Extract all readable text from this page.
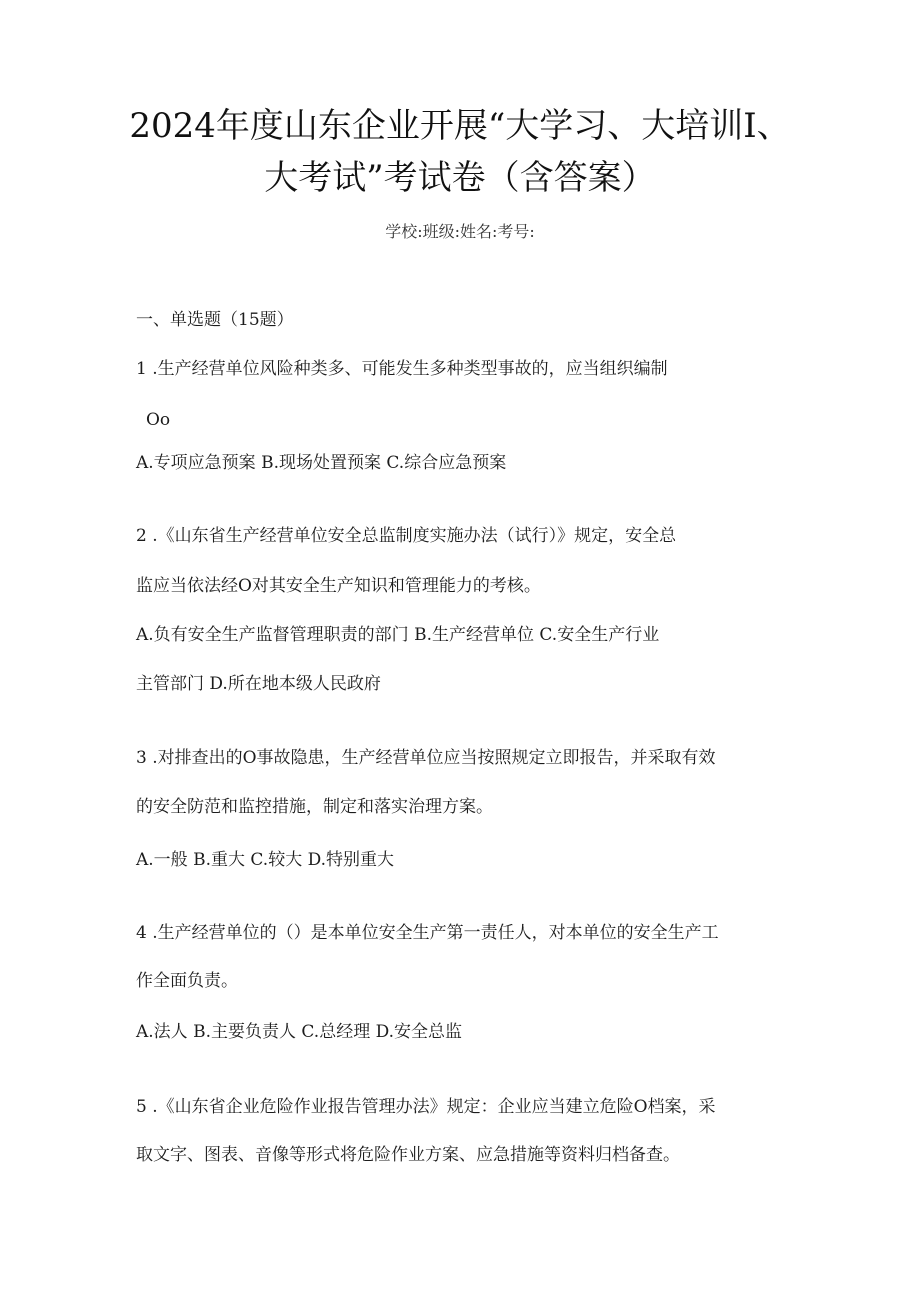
2024年度山东企业开展“大学习、大培训I、
大考试”考试卷（含答案）
学校:班级:姓名:考号:
一、单选题（15题）
1 .生产经营单位风险种类多、可能发生多种类型事故的，应当组织编制
Oo
A.专项应急预案 B.现场处置预案 C.综合应急预案
2 .《山东省生产经营单位安全总监制度实施办法（试行）》规定，安全总
监应当依法经O对其安全生产知识和管理能力的考核。
A.负有安全生产监督管理职责的部门 B.生产经营单位 C.安全生产行业
主管部门 D.所在地本级人民政府
3 .对排查出的O事故隐患，生产经营单位应当按照规定立即报告，并采取有效
的安全防范和监控措施，制定和落实治理方案。
A.一般 B.重大 C.较大 D.特别重大
4 .生产经营单位的（）是本单位安全生产第一责任人，对本单位的安全生产工
作全面负责。
A.法人 B.主要负责人 C.总经理 D.安全总监
5 .《山东省企业危险作业报告管理办法》规定：企业应当建立危险O档案，采
取文字、图表、音像等形式将危险作业方案、应急措施等资料归档备查。
